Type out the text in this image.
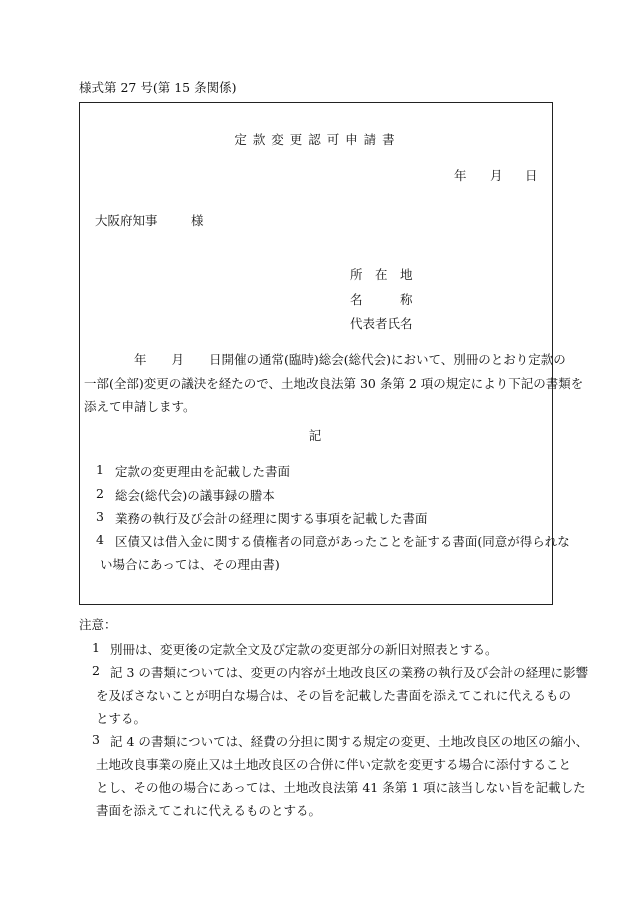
様式第 27 号(第 15 条関係)
定 款 変 更 認 可 申 請 書
年 月 日
大阪府知事	様
所　在　地
名　　　称
代表者氏名
　　　　年　　月　　日開催の通常(臨時)総会(総代会)において、別冊のとおり定款の
一部(全部)変更の議決を経たので、土地改良法第 30 条第 2 項の規定により下記の書類を
添えて申請します。
記
1 定款の変更理由を記載した書面
2 総会(総代会)の議事録の謄本
3 業務の執行及び会計の経理に関する事項を記載した書面
4 区債又は借入金に関する債権者の同意があったことを証する書面(同意が得られな
い場合にあっては、その理由書)
注意：
1 別冊は、変更後の定款全文及び定款の変更部分の新旧対照表とする。
2 記 3 の書類については、変更の内容が土地改良区の業務の執行及び会計の経理に影響
を及ぼさないことが明白な場合は、その旨を記載した書面を添えてこれに代えるもの
とする。
3 記 4 の書類については、経費の分担に関する規定の変更、土地改良区の地区の縮小、
土地改良事業の廃止又は土地改良区の合併に伴い定款を変更する場合に添付すること
とし、その他の場合にあっては、土地改良法第 41 条第 1 項に該当しない旨を記載した
書面を添えてこれに代えるものとする。
